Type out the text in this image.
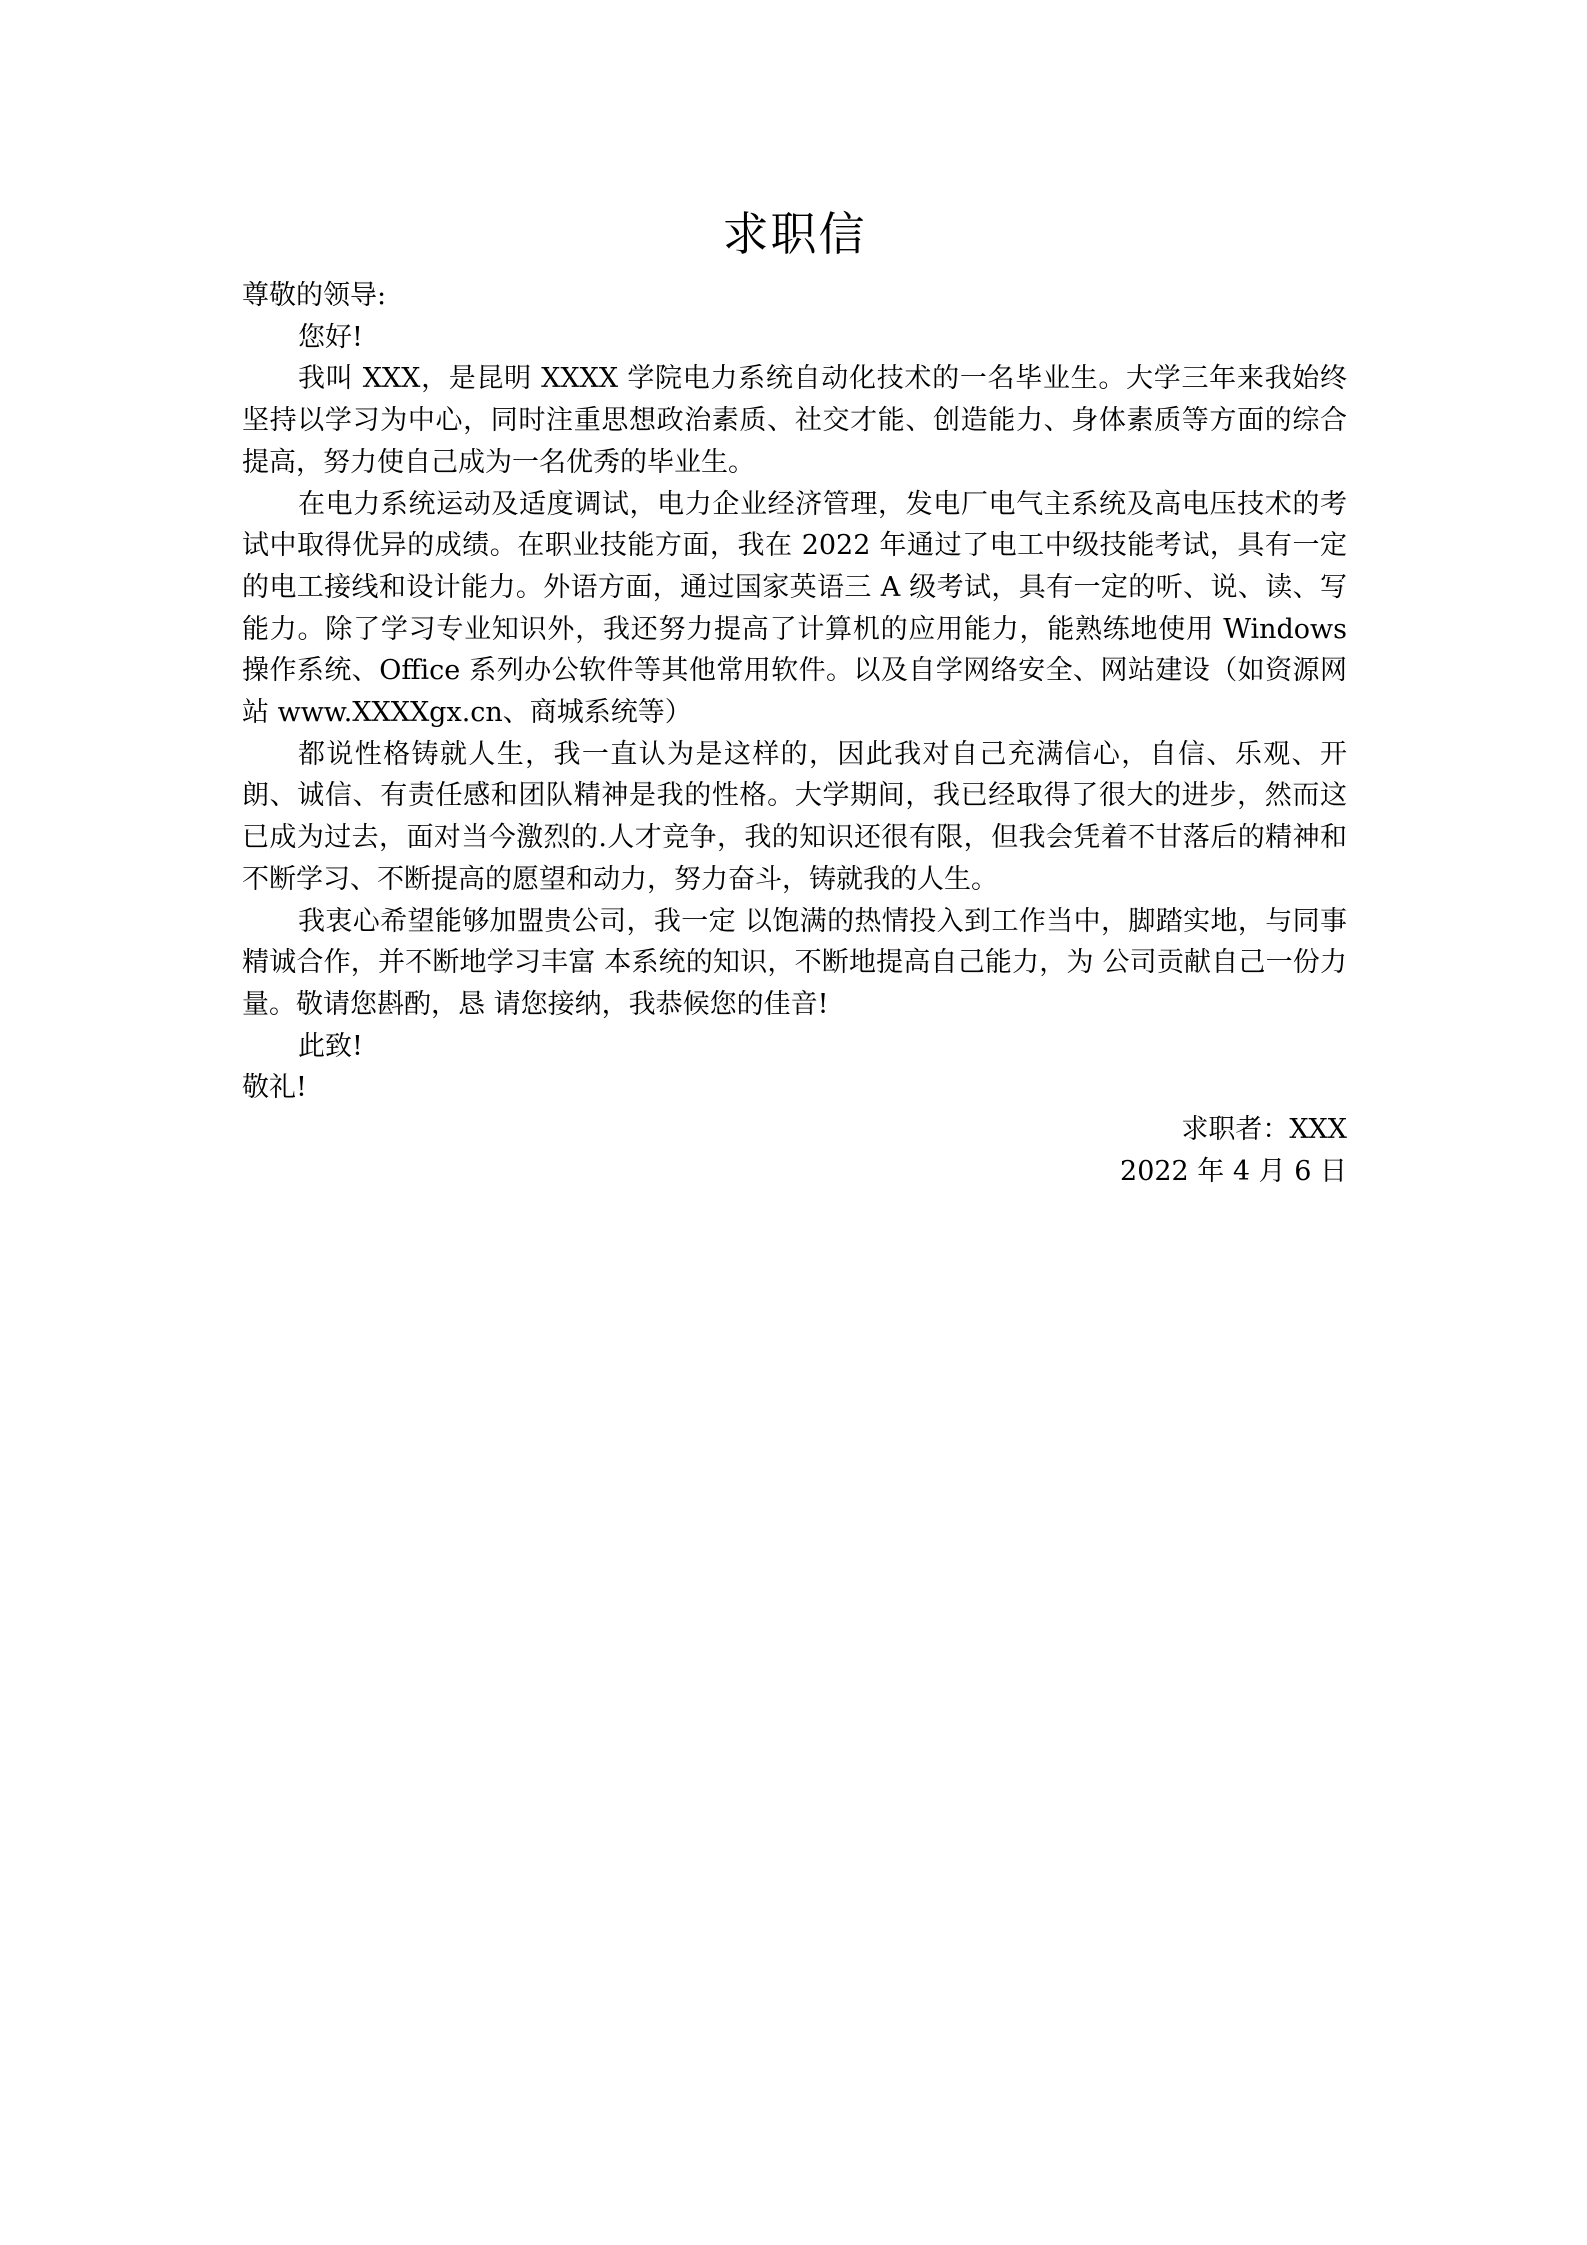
求职信

尊敬的领导:

您好!

我叫 XXX，是昆明 XXXX 学院电力系统自动化技术的一名毕业生。大学三年来我始终坚持以学习为中心，同时注重思想政治素质、社交才能、创造能力、身体素质等方面的综合提高，努力使自己成为一名优秀的毕业生。

在电力系统运动及适度调试，电力企业经济管理，发电厂电气主系统及高电压技术的考试中取得优异的成绩。在职业技能方面，我在 2022 年通过了电工中级技能考试，具有一定的电工接线和设计能力。外语方面，通过国家英语三 A 级考试，具有一定的听、说、读、写能力。除了学习专业知识外，我还努力提高了计算机的应用能力，能熟练地使用 Windows 操作系统、Office 系列办公软件等其他常用软件。以及自学网络安全、网站建设（如资源网站 www.XXXXgx.cn、商城系统等）

都说性格铸就人生，我一直认为是这样的，因此我对自己充满信心，自信、乐观、开朗、诚信、有责任感和团队精神是我的性格。大学期间，我已经取得了很大的进步，然而这已成为过去，面对当今激烈的.人才竞争，我的知识还很有限，但我会凭着不甘落后的精神和不断学习、不断提高的愿望和动力，努力奋斗，铸就我的人生。

我衷心希望能够加盟贵公司，我一定 以饱满的热情投入到工作当中，脚踏实地，与同事精诚合作，并不断地学习丰富 本系统的知识，不断地提高自己能力，为 公司贡献自己一份力量。敬请您斟酌，恳 请您接纳，我恭候您的佳音!

此致!

敬礼!

求职者：XXX

2022 年 4 月 6 日
